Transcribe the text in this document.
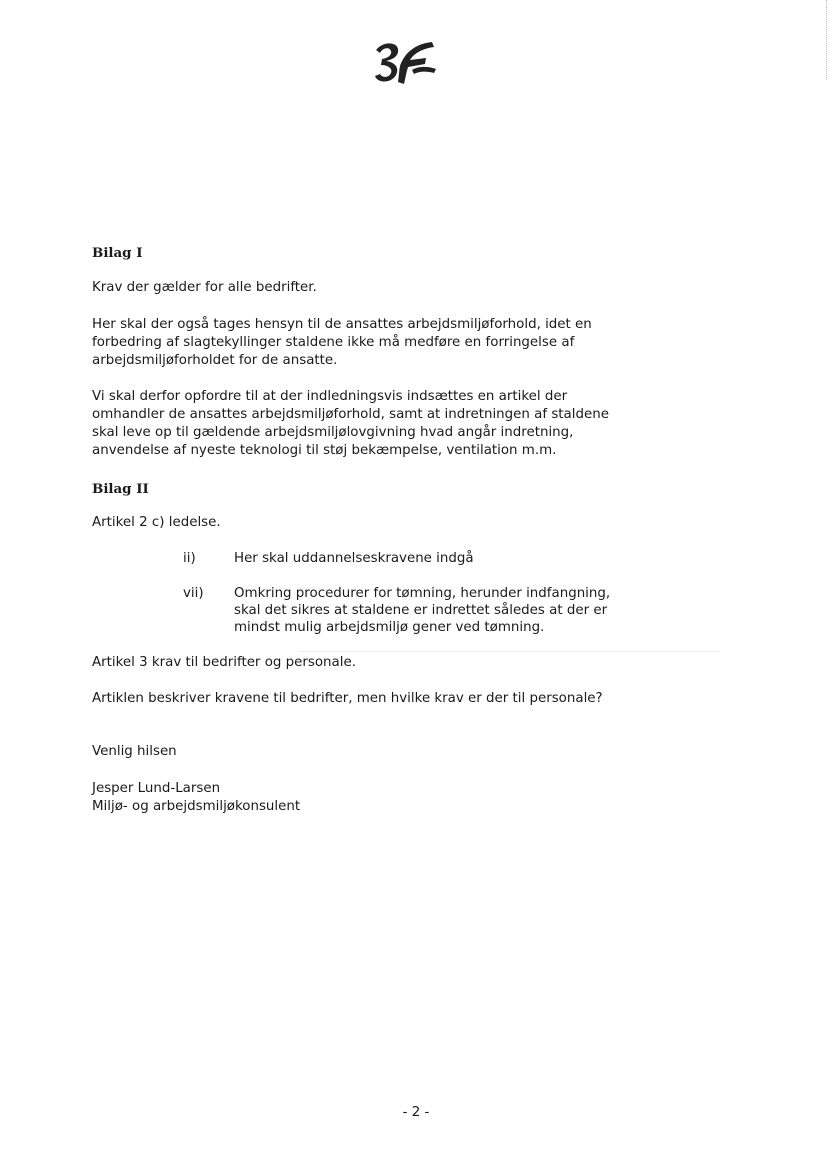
Bilag I
Krav der gælder for alle bedrifter.
Her skal der også tages hensyn til de ansattes arbejdsmiljøforhold, idet en
forbedring af slagtekyllinger staldene ikke må medføre en forringelse af
arbejdsmiljøforholdet for de ansatte.
Vi skal derfor opfordre til at der indledningsvis indsættes en artikel der
omhandler de ansattes arbejdsmiljøforhold, samt at indretningen af staldene
skal leve op til gældende arbejdsmiljølovgivning hvad angår indretning,
anvendelse af nyeste teknologi til støj bekæmpelse, ventilation m.m.
Bilag II
Artikel 2 c) ledelse.
ii)	Her skal uddannelseskravene indgå
vii) Omkring procedurer for tømning, herunder indfangning,
skal det sikres at staldene er indrettet således at der er
mindst mulig arbejdsmiljø gener ved tømning.
Artikel 3 krav til bedrifter og personale.
Artiklen beskriver kravene til bedrifter, men hvilke krav er der til personale?
Venlig hilsen
Jesper Lund-Larsen
Miljø- og arbejdsmiljøkonsulent
- 2 -
